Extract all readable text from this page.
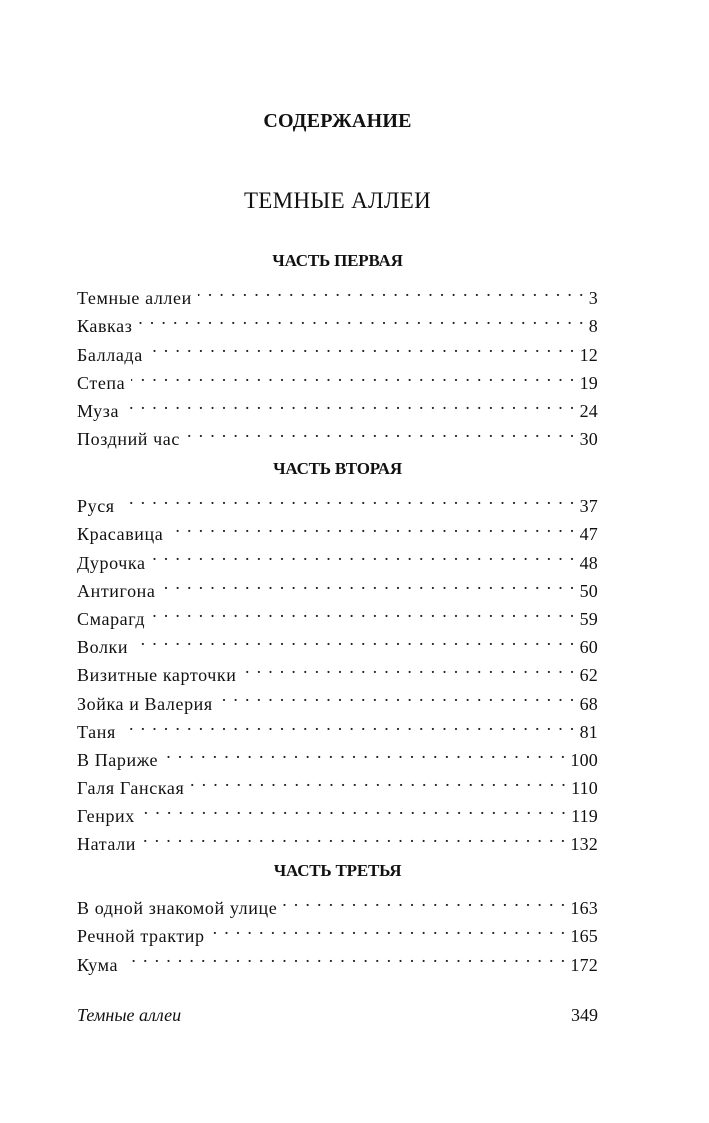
СОДЕРЖАНИЕ
ТЕМНЫЕ АЛЛЕИ
ЧАСТЬ ПЕРВАЯ
Темные аллеи . . .	3
Кавказ . . .	8
Баллада . . .	12
Степа . . .	19
Муза . . .	24
Поздний час . . .	30
ЧАСТЬ ВТОРАЯ
Руся . . .	37
Красавица . . .	47
Дурочка . . .	48
Антигона . . .	50
Смарагд . . .	59
Волки . . .	60
Визитные карточки . . .	62
Зойка и Валерия . . .	68
Таня . . .	81
В Париже . . .	100
Галя Ганская . . .	110
Генрих . . .	119
Натали . . .	132
ЧАСТЬ ТРЕТЬЯ
В одной знакомой улице . . .	163
Речной трактир . . .	165
Кума . . .	172
Темные аллеи	349
